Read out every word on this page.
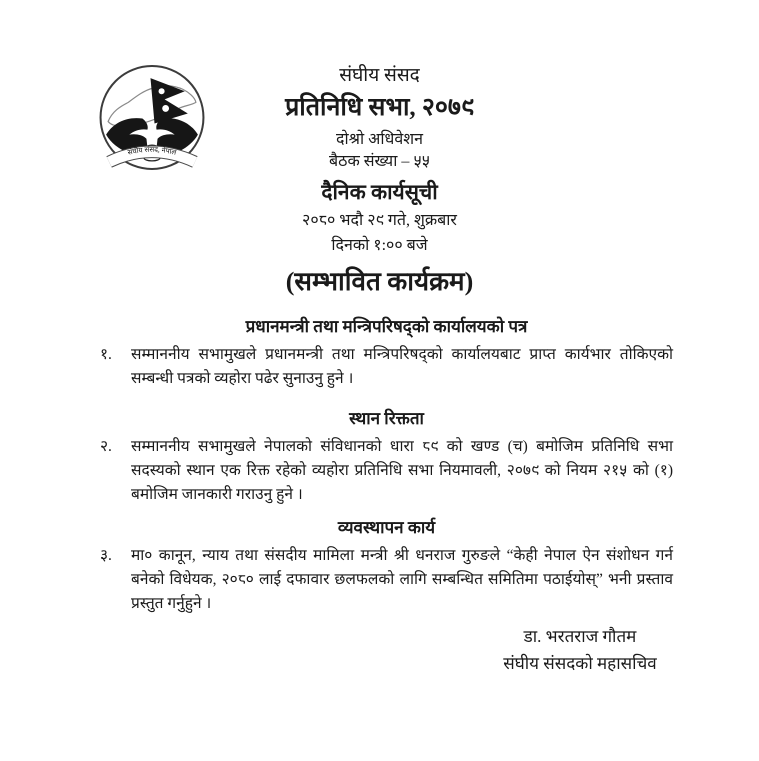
संघीय संसद, नेपाल
संघीय संसद
प्रतिनिधि सभा, २०७९
दोश्रो अधिवेशन
बैठक संख्या – ५५
दैनिक कार्यसूची
२०८० भदौ २९ गते, शुक्रबार
दिनको १:०० बजे
(सम्भावित कार्यक्रम)
प्रधानमन्त्री तथा मन्त्रिपरिषद्को कार्यालयको पत्र
१.	सम्माननीय सभामुखले प्रधानमन्त्री तथा मन्त्रिपरिषद्को कार्यालयबाट प्राप्त कार्यभार तोकिएको सम्बन्धी पत्रको व्यहोरा पढेर सुनाउनु हुने ।
स्थान रिक्तता
२.	सम्माननीय सभामुखले नेपालको संविधानको धारा ८९ को खण्ड (च) बमोजिम प्रतिनिधि सभा सदस्यको स्थान एक रिक्त रहेको व्यहोरा प्रतिनिधि सभा नियमावली, २०७९ को नियम २१५ को (१) बमोजिम जानकारी गराउनु हुने ।
व्यवस्थापन कार्य
३.	मा० कानून, न्याय तथा संसदीय मामिला मन्त्री श्री धनराज गुरुङले “केही नेपाल ऐन संशोधन गर्न बनेको विधेयक, २०८० लाई दफावार छलफलको लागि सम्बन्धित समितिमा पठाईयोस्” भनी प्रस्ताव प्रस्तुत गर्नुहुने ।
डा. भरतराज गौतम
संघीय संसदको महासचिव
